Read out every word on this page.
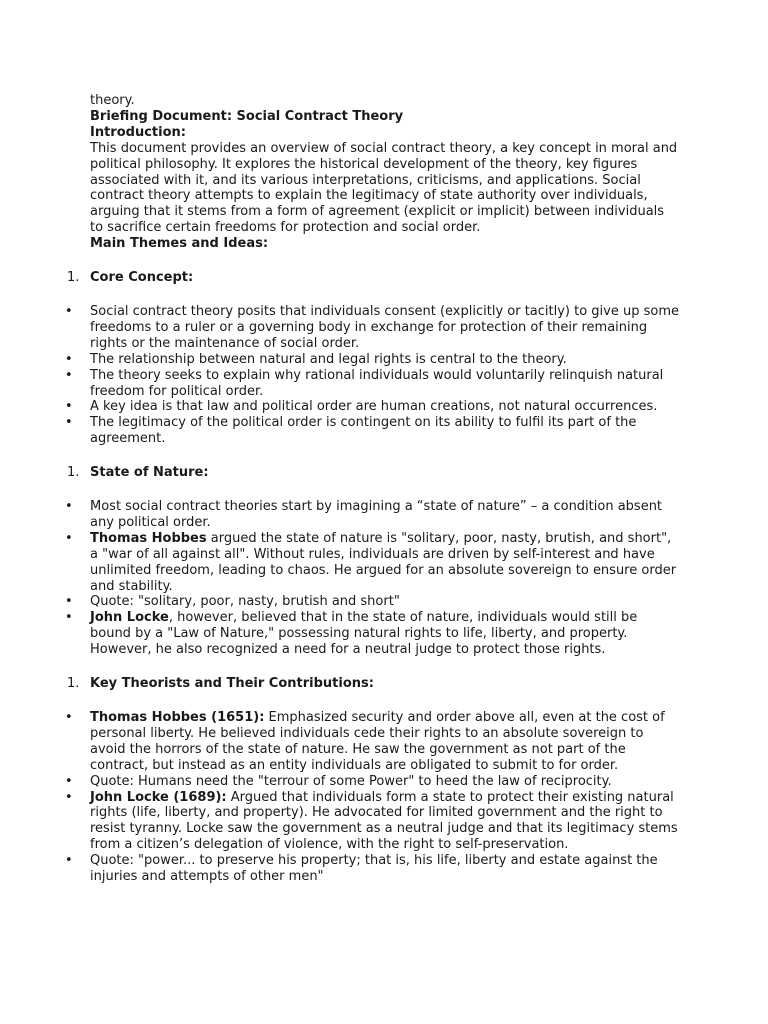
theory.

Briefing Document: Social Contract Theory

Introduction:

This document provides an overview of social contract theory, a key concept in moral and political philosophy. It explores the historical development of the theory, key figures associated with it, and its various interpretations, criticisms, and applications. Social contract theory attempts to explain the legitimacy of state authority over individuals, arguing that it stems from a form of agreement (explicit or implicit) between individuals to sacrifice certain freedoms for protection and social order.

Main Themes and Ideas:

1. Core Concept:
• Social contract theory posits that individuals consent (explicitly or tacitly) to give up some freedoms to a ruler or a governing body in exchange for protection of their remaining rights or the maintenance of social order.
• The relationship between natural and legal rights is central to the theory.
• The theory seeks to explain why rational individuals would voluntarily relinquish natural freedom for political order.
• A key idea is that law and political order are human creations, not natural occurrences.
• The legitimacy of the political order is contingent on its ability to fulfil its part of the agreement.
1. State of Nature:
• Most social contract theories start by imagining a “state of nature” – a condition absent any political order.
• Thomas Hobbes argued the state of nature is "solitary, poor, nasty, brutish, and short", a "war of all against all". Without rules, individuals are driven by self-interest and have unlimited freedom, leading to chaos. He argued for an absolute sovereign to ensure order and stability.
• Quote: "solitary, poor, nasty, brutish and short"
• John Locke, however, believed that in the state of nature, individuals would still be bound by a "Law of Nature," possessing natural rights to life, liberty, and property. However, he also recognized a need for a neutral judge to protect those rights.
1. Key Theorists and Their Contributions:
• Thomas Hobbes (1651): Emphasized security and order above all, even at the cost of personal liberty. He believed individuals cede their rights to an absolute sovereign to avoid the horrors of the state of nature. He saw the government as not part of the contract, but instead as an entity individuals are obligated to submit to for order.
• Quote: Humans need the "terrour of some Power" to heed the law of reciprocity.
• John Locke (1689): Argued that individuals form a state to protect their existing natural rights (life, liberty, and property). He advocated for limited government and the right to resist tyranny. Locke saw the government as a neutral judge and that its legitimacy stems from a citizen’s delegation of violence, with the right to self-preservation.
• Quote: "power... to preserve his property; that is, his life, liberty and estate against the injuries and attempts of other men"
